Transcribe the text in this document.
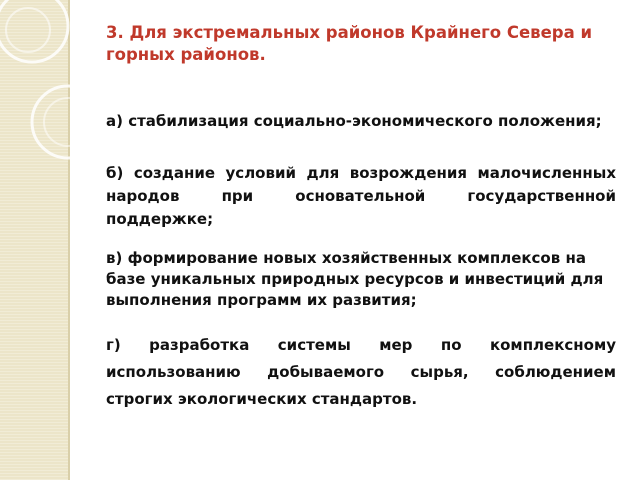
3. Для экстремальных районов Крайнего Севера и горных районов.

а) стабилизация социально-экономического положения;

б) создание условий для возрождения малочисленных народов при основательной государственной поддержке;

в) формирование новых хозяйственных комплексов на базе уникальных природных ресурсов и инвестиций для выполнения программ их развития;

г) разработка системы мер по комплексному использованию добываемого сырья, соблюдением строгих экологических стандартов.
